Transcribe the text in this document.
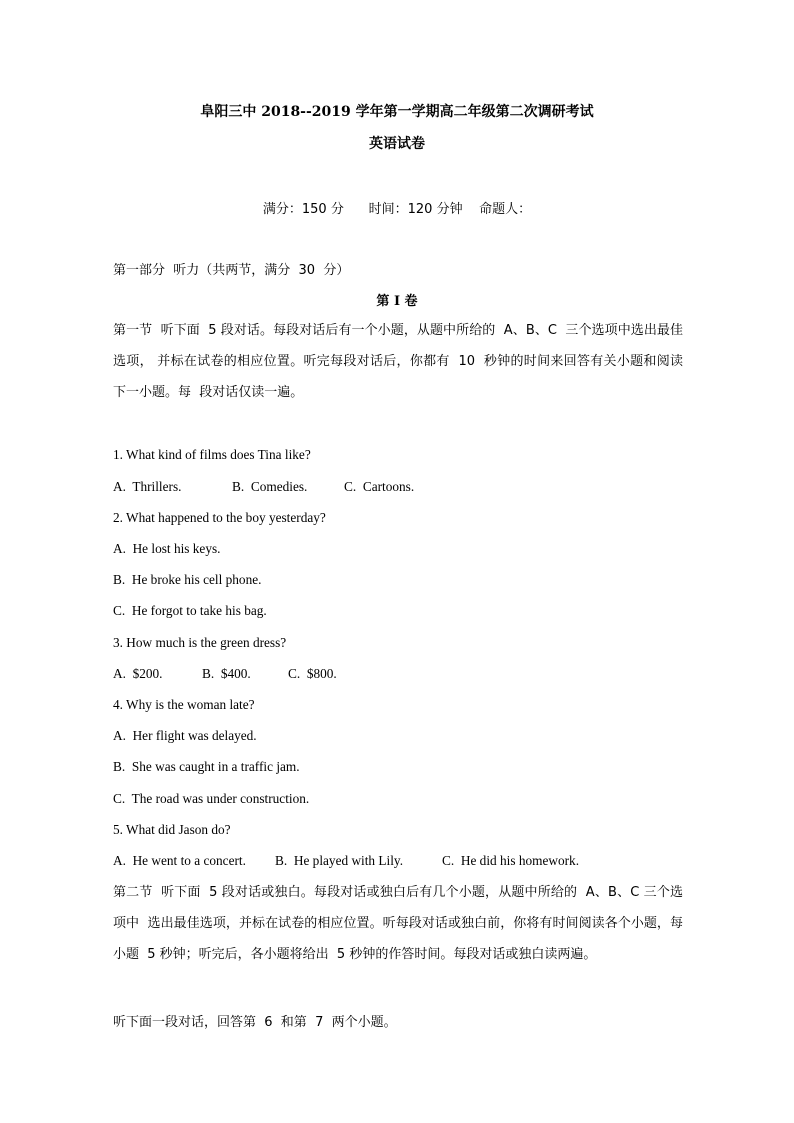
阜阳三中 2018--2019 学年第一学期高二年级第二次调研考试
英语试卷
满分：150 分      时间：120 分钟    命题人：
第一部分  听力（共两节，满分  30  分）
第 I 卷
第一节  听下面  5 段对话。每段对话后有一个小题，从题中所给的  A、B、C  三个选项中选出最佳选项， 并标在试卷的相应位置。听完每段对话后，你都有  10  秒钟的时间来回答有关小题和阅读下一小题。每  段对话仅读一遍。
1. What kind of films does Tina like?
A.  Thrillers.	B.  Comedies.	C.  Cartoons.
2. What happened to the boy yesterday?
A.  He lost his keys.
B.  He broke his cell phone.
C.  He forgot to take his bag.
3. How much is the green dress?
A.  $200.	B.  $400.	C.  $800.
4. Why is the woman late?
A.  Her flight was delayed.
B.  She was caught in a traffic jam.
C.  The road was under construction.
5. What did Jason do?
A.  He went to a concert. B.  He played with Lily.	C.  He did his homework.
第二节  听下面  5 段对话或独白。每段对话或独白后有几个小题，从题中所给的  A、B、C 三个选项中  选出最佳选项，并标在试卷的相应位置。听每段对话或独白前，你将有时间阅读各个小题，每小题  5 秒钟；听完后，各小题将给出  5 秒钟的作答时间。每段对话或独白读两遍。
听下面一段对话，回答第  6  和第  7  两个小题。
